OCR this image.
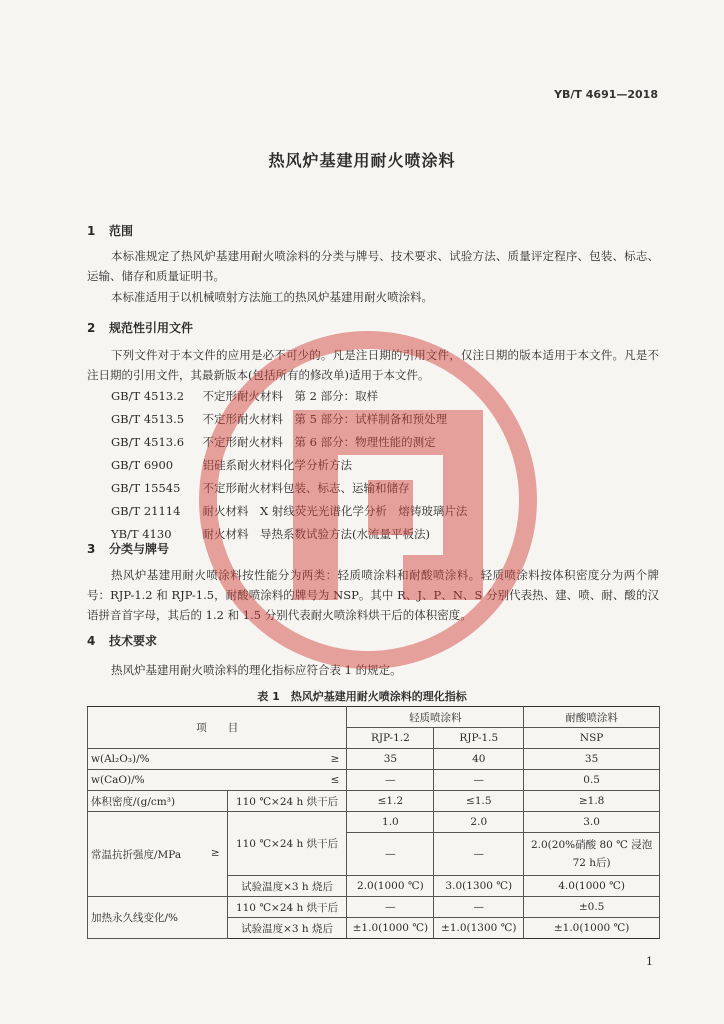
YB/T 4691—2018
热风炉基建用耐火喷涂料
1 范围
本标准规定了热风炉基建用耐火喷涂料的分类与牌号、技术要求、试验方法、质量评定程序、包装、标志、运输、储存和质量证明书。
本标准适用于以机械喷射方法施工的热风炉基建用耐火喷涂料。
2 规范性引用文件
下列文件对于本文件的应用是必不可少的。凡是注日期的引用文件，仅注日期的版本适用于本文件。凡是不注日期的引用文件，其最新版本(包括所有的修改单)适用于本文件。
GB/T 4513.2　 不定形耐火材料　第 2 部分：取样
GB/T 4513.5　 不定形耐火材料　第 5 部分：试样制备和预处理
GB/T 4513.6　 不定形耐火材料　第 6 部分：物理性能的测定
GB/T 6900　	铝硅系耐火材料化学分析方法
GB/T 15545　 不定形耐火材料包装、标志、运输和储存
GB/T 21114　 耐火材料　X 射线荧光光谱化学分析　熔铸玻璃片法
YB/T 4130　	耐火材料　导热系数试验方法(水流量平板法)
3 分类与牌号
热风炉基建用耐火喷涂料按性能分为两类：轻质喷涂料和耐酸喷涂料。轻质喷涂料按体积密度分为两个牌号：RJP-1.2 和 RJP-1.5，耐酸喷涂料的牌号为 NSP。其中 R、J、P、N、S 分别代表热、建、喷、耐、酸的汉语拼音首字母，其后的 1.2 和 1.5 分别代表耐火喷涂料烘干后的体积密度。
4 技术要求
热风炉基建用耐火喷涂料的理化指标应符合表 1 的规定。
表 1　热风炉基建用耐火喷涂料的理化指标
项　　目		轻质喷涂料		耐酸喷涂料
		RJP-1.2	RJP-1.5	NSP
w(Al₂O₃)/% ≥		35	40	35
w(CaO)/% ≤		—	—	0.5
体积密度/(g/cm³)	110 ℃×24 h 烘干后	≤1.2	≤1.5	≥1.8
常温抗折强度/MPa ≥	110 ℃×24 h 烘干后	1.0	2.0	3.0
		—	—	2.0(20%硝酸 80 ℃ 浸泡 72 h后)
	试验温度×3 h 烧后	2.0(1000 ℃)	3.0(1300 ℃)	4.0(1000 ℃)
加热永久线变化/%	110 ℃×24 h 烘干后	—	—	±0.5
	试验温度×3 h 烧后	±1.0(1000 ℃)	±1.0(1300 ℃)	±1.0(1000 ℃)
1
